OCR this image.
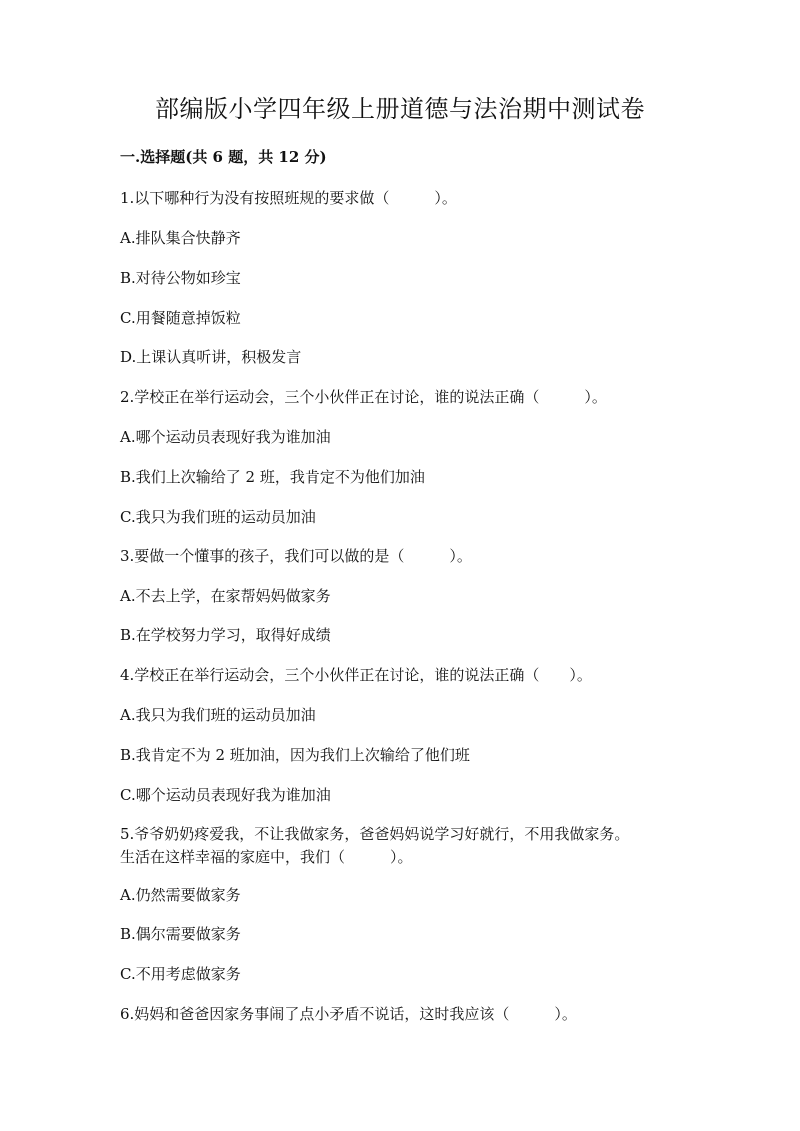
部编版小学四年级上册道德与法治期中测试卷
一.选择题(共 6 题，共 12 分)
1.以下哪种行为没有按照班规的要求做（　　　）。
A.排队集合快静齐
B.对待公物如珍宝
C.用餐随意掉饭粒
D.上课认真听讲，积极发言
2.学校正在举行运动会，三个小伙伴正在讨论，谁的说法正确（　　　）。
A.哪个运动员表现好我为谁加油
B.我们上次输给了 2 班，我肯定不为他们加油
C.我只为我们班的运动员加油
3.要做一个懂事的孩子，我们可以做的是（　　　）。
A.不去上学，在家帮妈妈做家务
B.在学校努力学习，取得好成绩
4.学校正在举行运动会，三个小伙伴正在讨论，谁的说法正确（　　）。
A.我只为我们班的运动员加油
B.我肯定不为 2 班加油，因为我们上次输给了他们班
C.哪个运动员表现好我为谁加油
5.爷爷奶奶疼爱我，不让我做家务，爸爸妈妈说学习好就行，不用我做家务。
生活在这样幸福的家庭中，我们（　　　）。
A.仍然需要做家务
B.偶尔需要做家务
C.不用考虑做家务
6.妈妈和爸爸因家务事闹了点小矛盾不说话，这时我应该（　　　）。
